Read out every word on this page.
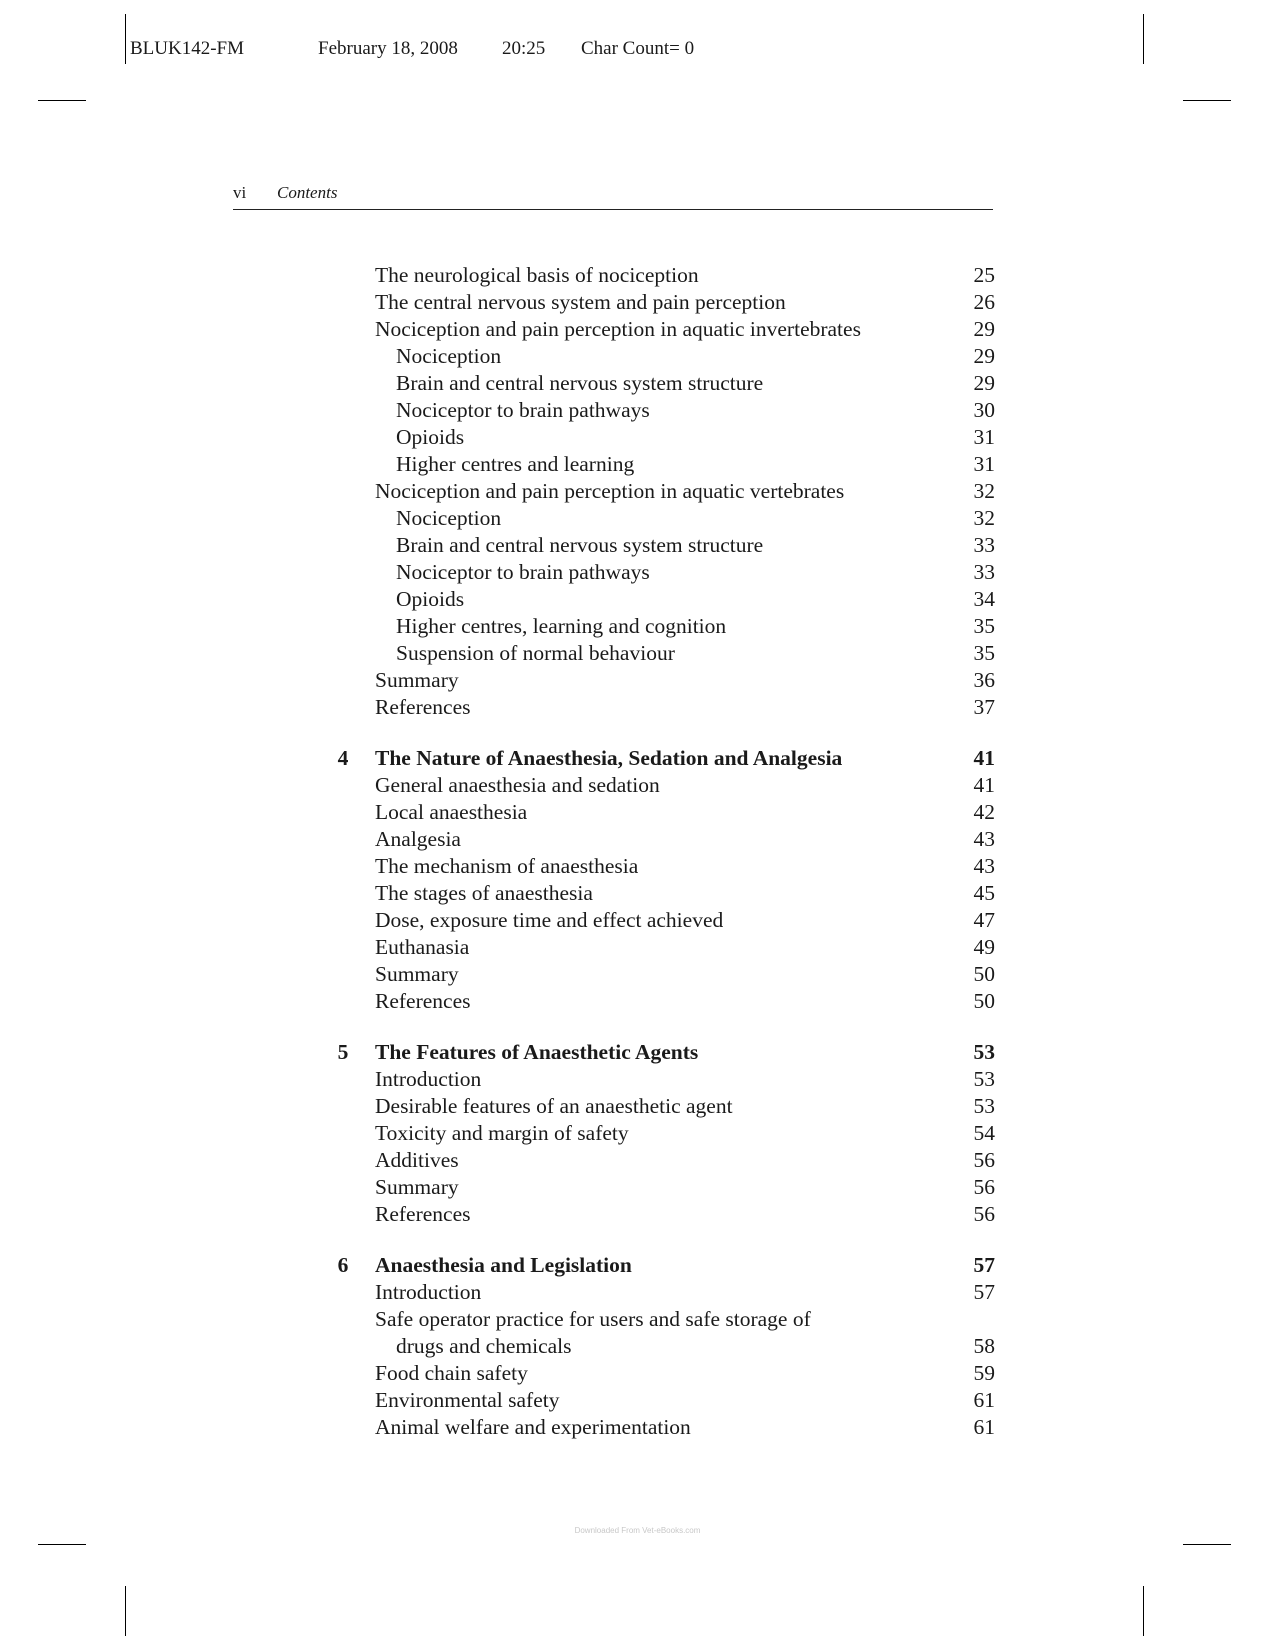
BLUK142-FM	February 18, 2008 20:25 Char Count= 0
vi Contents
The neurological basis of nociception	25
The central nervous system and pain perception	26
Nociception and pain perception in aquatic invertebrates	29
Nociception	29
Brain and central nervous system structure	29
Nociceptor to brain pathways	30
Opioids	31
Higher centres and learning	31
Nociception and pain perception in aquatic vertebrates	32
Nociception	32
Brain and central nervous system structure	33
Nociceptor to brain pathways	33
Opioids	34
Higher centres, learning and cognition	35
Suspension of normal behaviour	35
Summary	36
References	37
4	The Nature of Anaesthesia, Sedation and Analgesia	41
General anaesthesia and sedation	41
Local anaesthesia	42
Analgesia	43
The mechanism of anaesthesia	43
The stages of anaesthesia	45
Dose, exposure time and effect achieved	47
Euthanasia	49
Summary	50
References	50
5	The Features of Anaesthetic Agents	53
Introduction	53
Desirable features of an anaesthetic agent	53
Toxicity and margin of safety	54
Additives	56
Summary	56
References	56
6	Anaesthesia and Legislation	57
Introduction	57
Safe operator practice for users and safe storage of
drugs and chemicals	58
Food chain safety	59
Environmental safety	61
Animal welfare and experimentation	61
Downloaded From Vet-eBooks.com
